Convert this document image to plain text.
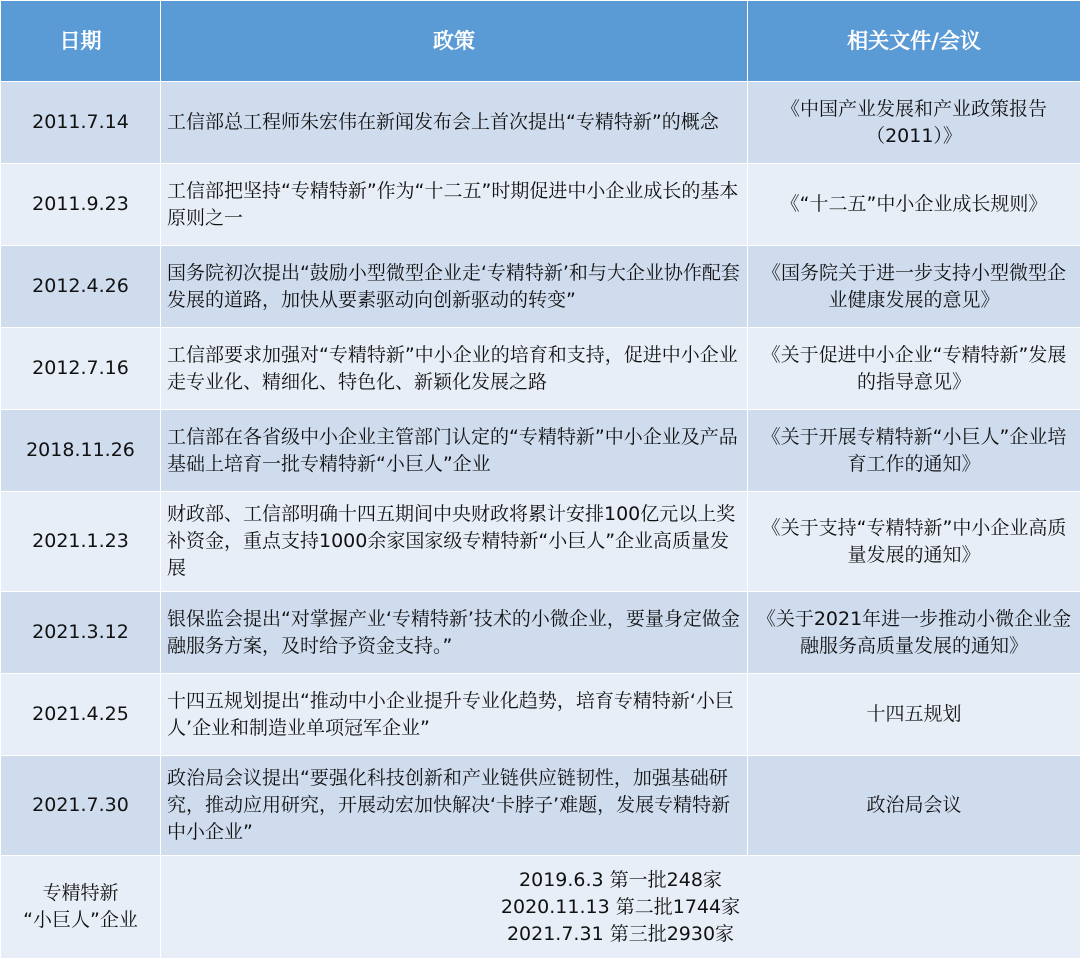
日期	政策	相关文件/会议
2011.7.14	工信部总工程师朱宏伟在新闻发布会上首次提出“专精特新”的概念	《中国产业发展和产业政策报告（2011）》
2011.9.23	工信部把坚持“专精特新”作为“十二五”时期促进中小企业成长的基本原则之一	《“十二五”中小企业成长规则》
2012.4.26	国务院初次提出“鼓励小型微型企业走‘专精特新’和与大企业协作配套发展的道路，加快从要素驱动向创新驱动的转变”	《国务院关于进一步支持小型微型企业健康发展的意见》
2012.7.16	工信部要求加强对“专精特新”中小企业的培育和支持，促进中小企业走专业化、精细化、特色化、新颖化发展之路	《关于促进中小企业“专精特新”发展的指导意见》
2018.11.26	工信部在各省级中小企业主管部门认定的“专精特新”中小企业及产品基础上培育一批专精特新“小巨人”企业	《关于开展专精特新“小巨人”企业培育工作的通知》
2021.1.23	财政部、工信部明确十四五期间中央财政将累计安排100亿元以上奖补资金，重点支持1000余家国家级专精特新“小巨人”企业高质量发展	《关于支持“专精特新”中小企业高质量发展的通知》
2021.3.12	银保监会提出“对掌握产业‘专精特新’技术的小微企业，要量身定做金融服务方案，及时给予资金支持。”	《关于2021年进一步推动小微企业金融服务高质量发展的通知》
2021.4.25	十四五规划提出“推动中小企业提升专业化趋势，培育专精特新‘小巨人’企业和制造业单项冠军企业”	十四五规划
2021.7.30	政治局会议提出“要强化科技创新和产业链供应链韧性，加强基础研究，推动应用研究，开展动宏加快解决‘卡脖子’难题，发展专精特新中小企业”	政治局会议

专精特新
“小巨人”企业	2019.6.3 第一批248家
2020.11.13 第二批1744家
2021.7.31 第三批2930家	
